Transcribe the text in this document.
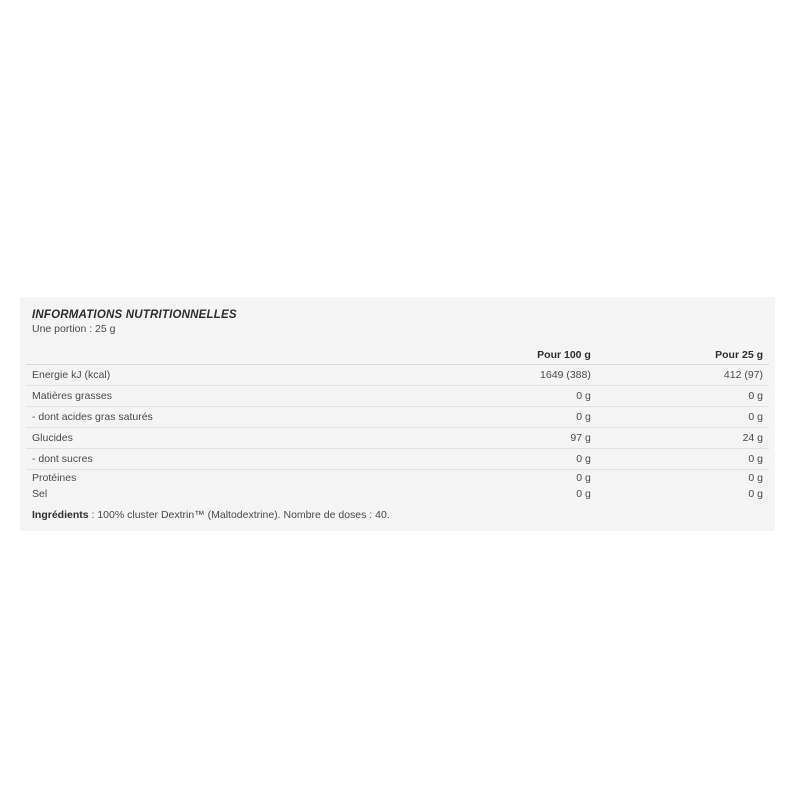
INFORMATIONS NUTRITIONNELLES
Une portion : 25 g
	Pour 100 g	Pour 25 g
Energie kJ (kcal)	1649 (388)	412 (97)
Matières grasses	0 g	0 g
- dont acides gras saturés	0 g	0 g
Glucides	97 g	24 g
- dont sucres	0 g	0 g
Protéines	0 g	0 g
Sel	0 g	0 g
Ingrédients : 100% cluster Dextrin™ (Maltodextrine). Nombre de doses : 40.
